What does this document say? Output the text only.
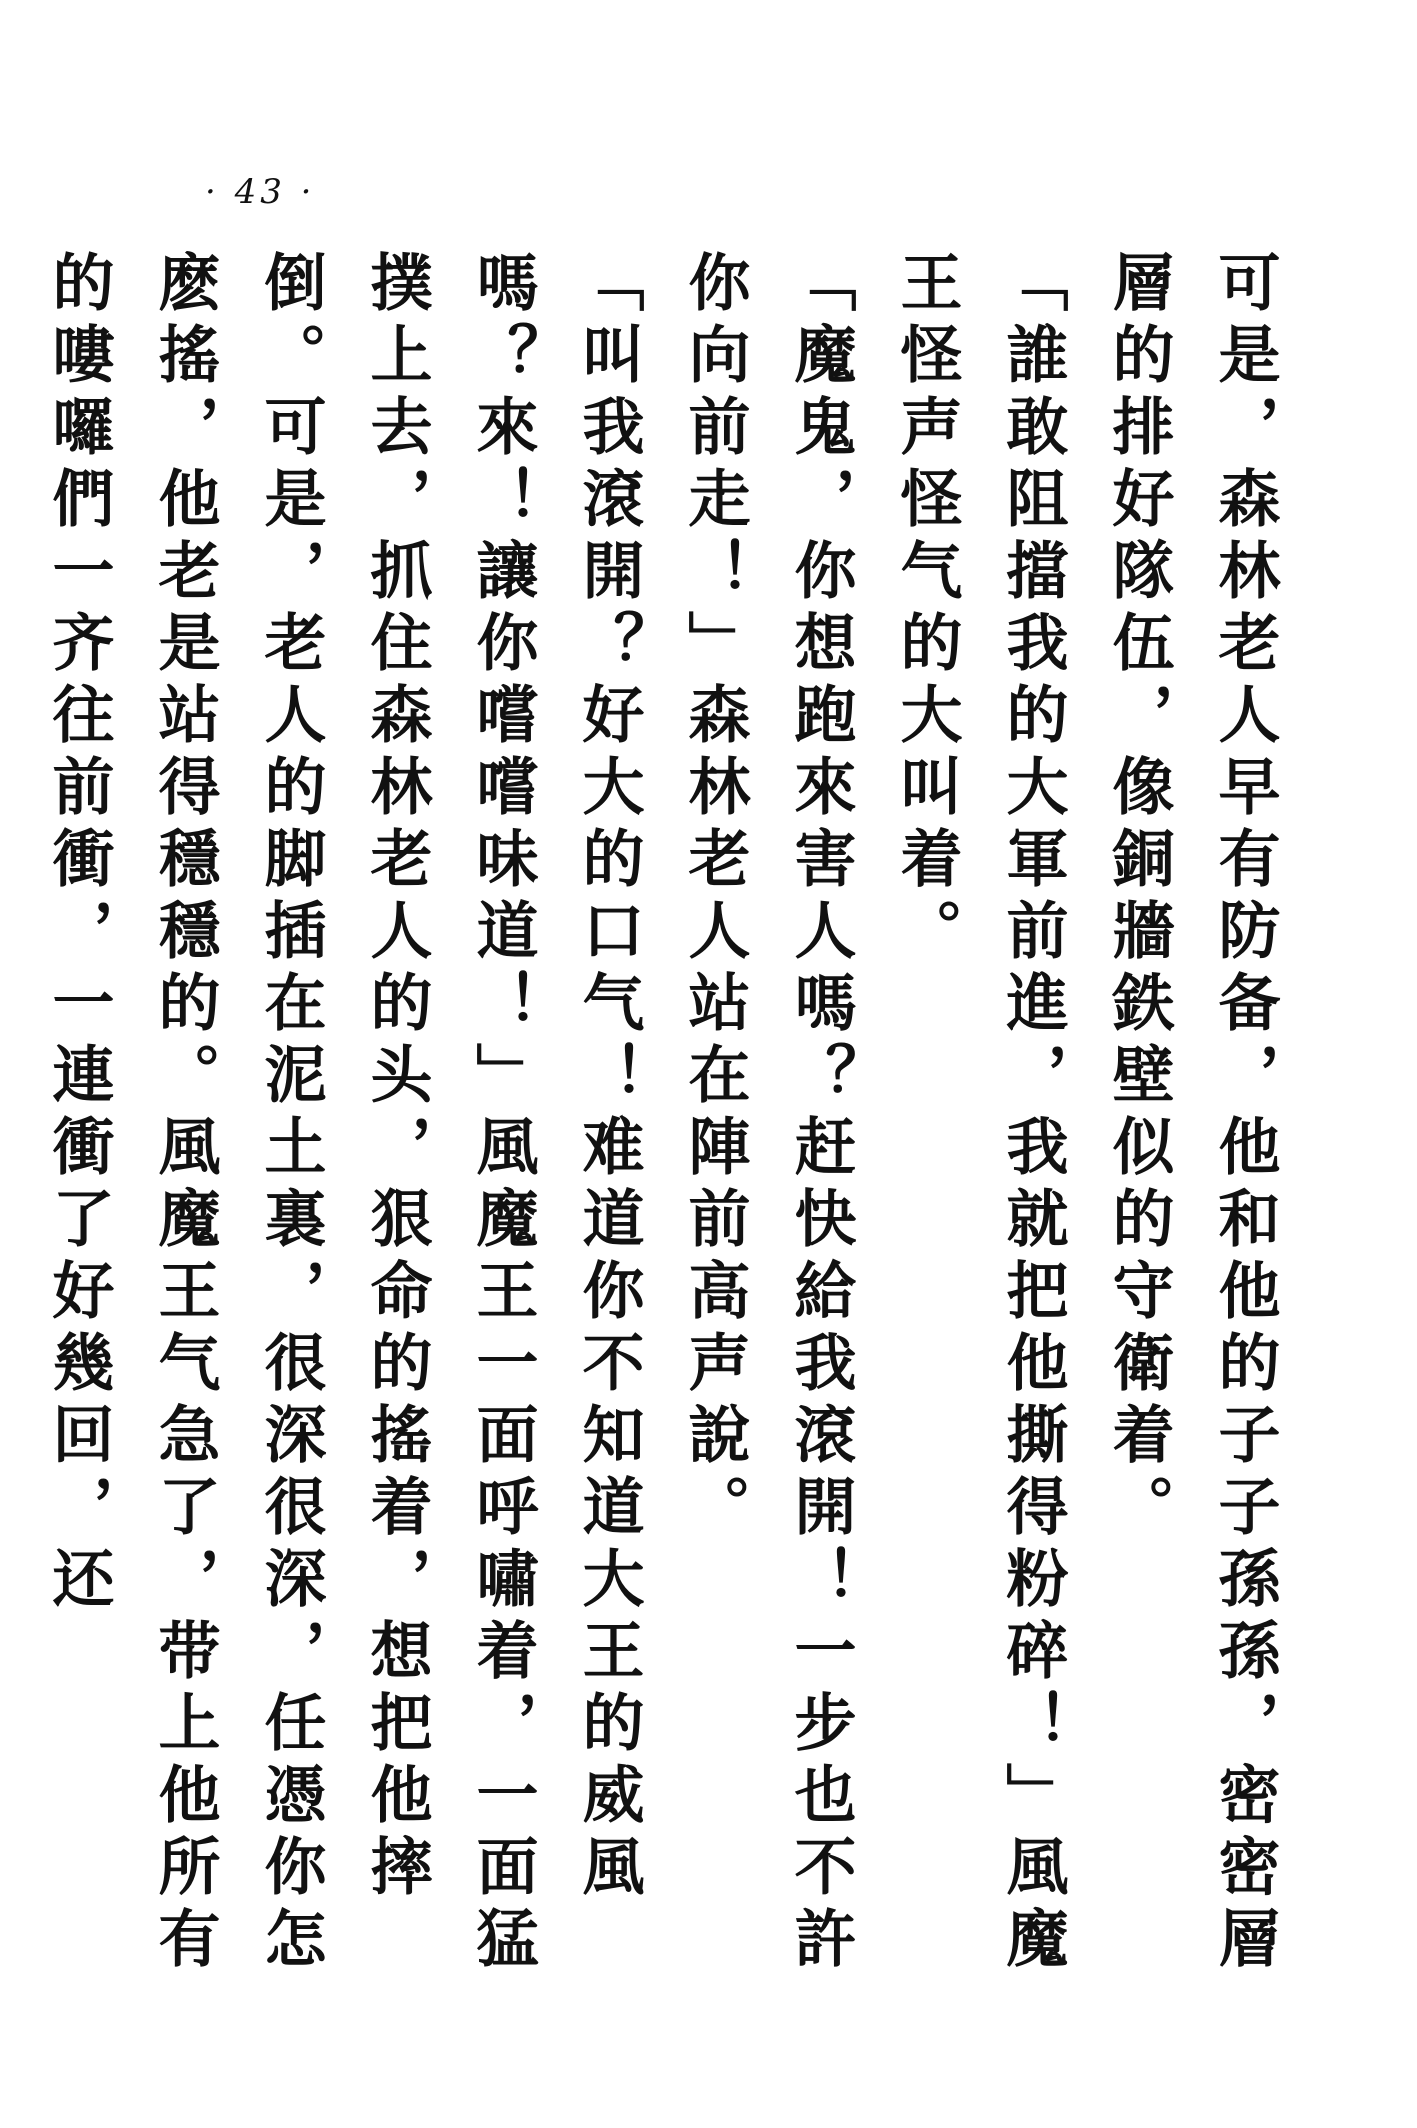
· 43 ·

可是，森林老人早有防备，他和他的子子孫孫，密密層層的排好隊伍，像銅牆鉄壁似的守衛着。

「誰敢阻擋我的大軍前進，我就把他撕得粉碎！」風魔王怪声怪气的大叫着。

「魔鬼，你想跑來害人嗎？赶快給我滾開！一步也不許你向前走！」森林老人站在陣前高声說。

「叫我滾開？好大的口气！难道你不知道大王的威風嗎？來！讓你嚐嚐味道！」風魔王一面呼嘯着，一面猛撲上去，抓住森林老人的头，狠命的搖着，想把他摔倒。可是，老人的脚插在泥土裏，很深很深，任憑你怎麽搖，他老是站得穩穩的。風魔王气急了，带上他所有的嘍囉們一齐往前衝，一連衝了好幾回，还
